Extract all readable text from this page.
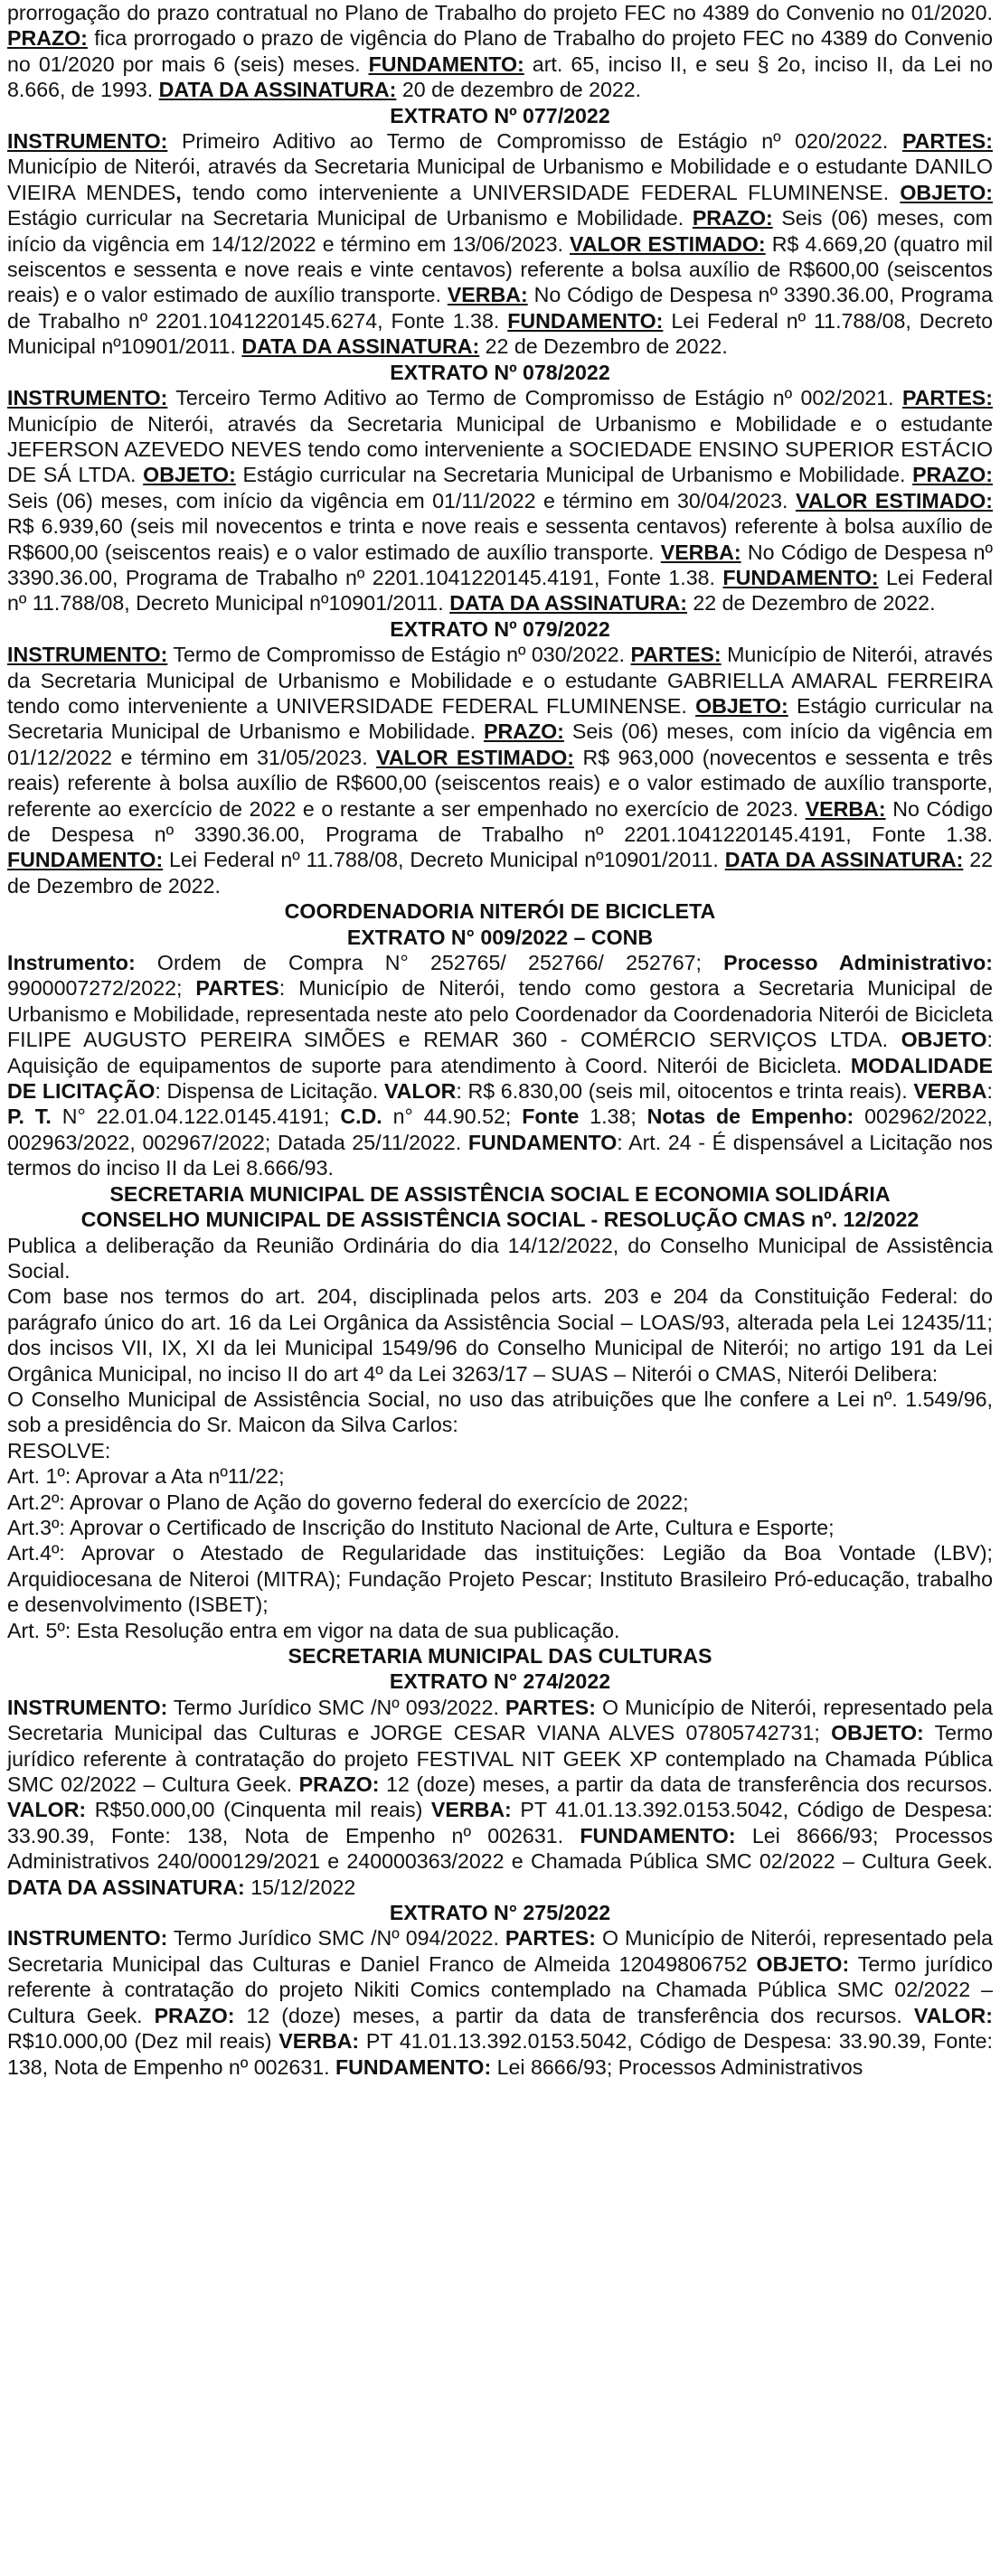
prorrogação do prazo contratual no Plano de Trabalho do projeto FEC no 4389 do Convenio no 01/2020. PRAZO: fica prorrogado o prazo de vigência do Plano de Trabalho do projeto FEC no 4389 do Convenio no 01/2020 por mais 6 (seis) meses. FUNDAMENTO: art. 65, inciso II, e seu § 2o, inciso II, da Lei no 8.666, de 1993. DATA DA ASSINATURA: 20 de dezembro de 2022.

EXTRATO Nº 077/2022

INSTRUMENTO: Primeiro Aditivo ao Termo de Compromisso de Estágio nº 020/2022. PARTES: Município de Niterói, através da Secretaria Municipal de Urbanismo e Mobilidade e o estudante DANILO VIEIRA MENDES, tendo como interveniente a UNIVERSIDADE FEDERAL FLUMINENSE. OBJETO: Estágio curricular na Secretaria Municipal de Urbanismo e Mobilidade. PRAZO: Seis (06) meses, com início da vigência em 14/12/2022 e término em 13/06/2023. VALOR ESTIMADO: R$ 4.669,20 (quatro mil seiscentos e sessenta e nove reais e vinte centavos) referente a bolsa auxílio de R$600,00 (seiscentos reais) e o valor estimado de auxílio transporte. VERBA: No Código de Despesa nº 3390.36.00, Programa de Trabalho nº 2201.1041220145.6274, Fonte 1.38. FUNDAMENTO: Lei Federal nº 11.788/08, Decreto Municipal nº10901/2011. DATA DA ASSINATURA: 22 de Dezembro de 2022.

EXTRATO Nº 078/2022

INSTRUMENTO: Terceiro Termo Aditivo ao Termo de Compromisso de Estágio nº 002/2021. PARTES: Município de Niterói, através da Secretaria Municipal de Urbanismo e Mobilidade e o estudante JEFERSON AZEVEDO NEVES tendo como interveniente a SOCIEDADE ENSINO SUPERIOR ESTÁCIO DE SÁ LTDA. OBJETO: Estágio curricular na Secretaria Municipal de Urbanismo e Mobilidade. PRAZO: Seis (06) meses, com início da vigência em 01/11/2022 e término em 30/04/2023. VALOR ESTIMADO: R$ 6.939,60 (seis mil novecentos e trinta e nove reais e sessenta centavos) referente à bolsa auxílio de R$600,00 (seiscentos reais) e o valor estimado de auxílio transporte. VERBA: No Código de Despesa nº 3390.36.00, Programa de Trabalho nº 2201.1041220145.4191, Fonte 1.38. FUNDAMENTO: Lei Federal nº 11.788/08, Decreto Municipal nº10901/2011. DATA DA ASSINATURA: 22 de Dezembro de 2022.

EXTRATO Nº 079/2022

INSTRUMENTO: Termo de Compromisso de Estágio nº 030/2022. PARTES: Município de Niterói, através da Secretaria Municipal de Urbanismo e Mobilidade e o estudante GABRIELLA AMARAL FERREIRA tendo como interveniente a UNIVERSIDADE FEDERAL FLUMINENSE. OBJETO: Estágio curricular na Secretaria Municipal de Urbanismo e Mobilidade. PRAZO: Seis (06) meses, com início da vigência em 01/12/2022 e término em 31/05/2023. VALOR ESTIMADO: R$ 963,000 (novecentos e sessenta e três reais) referente à bolsa auxílio de R$600,00 (seiscentos reais) e o valor estimado de auxílio transporte, referente ao exercício de 2022 e o restante a ser empenhado no exercício de 2023. VERBA: No Código de Despesa nº 3390.36.00, Programa de Trabalho nº 2201.1041220145.4191, Fonte 1.38. FUNDAMENTO: Lei Federal nº 11.788/08, Decreto Municipal nº10901/2011. DATA DA ASSINATURA: 22 de Dezembro de 2022.

COORDENADORIA NITERÓI DE BICICLETA

EXTRATO N° 009/2022 – CONB

Instrumento: Ordem de Compra N° 252765/ 252766/ 252767; Processo Administrativo: 9900007272/2022; PARTES: Município de Niterói, tendo como gestora a Secretaria Municipal de Urbanismo e Mobilidade, representada neste ato pelo Coordenador da Coordenadoria Niterói de Bicicleta FILIPE AUGUSTO PEREIRA SIMÕES e REMAR 360 - COMÉRCIO SERVIÇOS LTDA. OBJETO: Aquisição de equipamentos de suporte para atendimento à Coord. Niterói de Bicicleta. MODALIDADE DE LICITAÇÃO: Dispensa de Licitação. VALOR: R$ 6.830,00 (seis mil, oitocentos e trinta reais). VERBA: P. T. N° 22.01.04.122.0145.4191; C.D. n° 44.90.52; Fonte 1.38; Notas de Empenho: 002962/2022, 002963/2022, 002967/2022; Datada 25/11/2022. FUNDAMENTO: Art. 24 - É dispensável a Licitação nos termos do inciso II da Lei 8.666/93.

SECRETARIA MUNICIPAL DE ASSISTÊNCIA SOCIAL E ECONOMIA SOLIDÁRIA

CONSELHO MUNICIPAL DE ASSISTÊNCIA SOCIAL - RESOLUÇÃO CMAS nº. 12/2022

Publica a deliberação da Reunião Ordinária do dia 14/12/2022, do Conselho Municipal de Assistência Social.

Com base nos termos do art. 204, disciplinada pelos arts. 203 e 204 da Constituição Federal: do parágrafo único do art. 16 da Lei Orgânica da Assistência Social – LOAS/93, alterada pela Lei 12435/11; dos incisos VII, IX, XI da lei Municipal 1549/96 do Conselho Municipal de Niterói; no artigo 191 da Lei Orgânica Municipal, no inciso II do art 4º da Lei 3263/17 – SUAS – Niterói o CMAS, Niterói Delibera:

O Conselho Municipal de Assistência Social, no uso das atribuições que lhe confere a Lei nº. 1.549/96, sob a presidência do Sr. Maicon da Silva Carlos:

RESOLVE:

Art. 1º: Aprovar a Ata nº11/22;

Art.2º: Aprovar o Plano de Ação do governo federal do exercício de 2022;

Art.3º: Aprovar o Certificado de Inscrição do Instituto Nacional de Arte, Cultura e Esporte;

Art.4º: Aprovar o Atestado de Regularidade das instituições: Legião da Boa Vontade (LBV); Arquidiocesana de Niteroi (MITRA); Fundação Projeto Pescar; Instituto Brasileiro Pró-educação, trabalho e desenvolvimento (ISBET);

Art. 5º: Esta Resolução entra em vigor na data de sua publicação.

SECRETARIA MUNICIPAL DAS CULTURAS

EXTRATO N° 274/2022

INSTRUMENTO: Termo Jurídico SMC /Nº 093/2022. PARTES: O Município de Niterói, representado pela Secretaria Municipal das Culturas e JORGE CESAR VIANA ALVES 07805742731; OBJETO: Termo jurídico referente à contratação do projeto FESTIVAL NIT GEEK XP contemplado na Chamada Pública SMC 02/2022 – Cultura Geek. PRAZO: 12 (doze) meses, a partir da data de transferência dos recursos. VALOR: R$50.000,00 (Cinquenta mil reais) VERBA: PT 41.01.13.392.0153.5042, Código de Despesa: 33.90.39, Fonte: 138, Nota de Empenho nº 002631. FUNDAMENTO: Lei 8666/93; Processos Administrativos 240/000129/2021 e 240000363/2022 e Chamada Pública SMC 02/2022 – Cultura Geek. DATA DA ASSINATURA: 15/12/2022

EXTRATO N° 275/2022

INSTRUMENTO: Termo Jurídico SMC /Nº 094/2022. PARTES: O Município de Niterói, representado pela Secretaria Municipal das Culturas e Daniel Franco de Almeida 12049806752 OBJETO: Termo jurídico referente à contratação do projeto Nikiti Comics contemplado na Chamada Pública SMC 02/2022 – Cultura Geek. PRAZO: 12 (doze) meses, a partir da data de transferência dos recursos. VALOR: R$10.000,00 (Dez mil reais) VERBA: PT 41.01.13.392.0153.5042, Código de Despesa: 33.90.39, Fonte: 138, Nota de Empenho nº 002631. FUNDAMENTO: Lei 8666/93; Processos Administrativos
